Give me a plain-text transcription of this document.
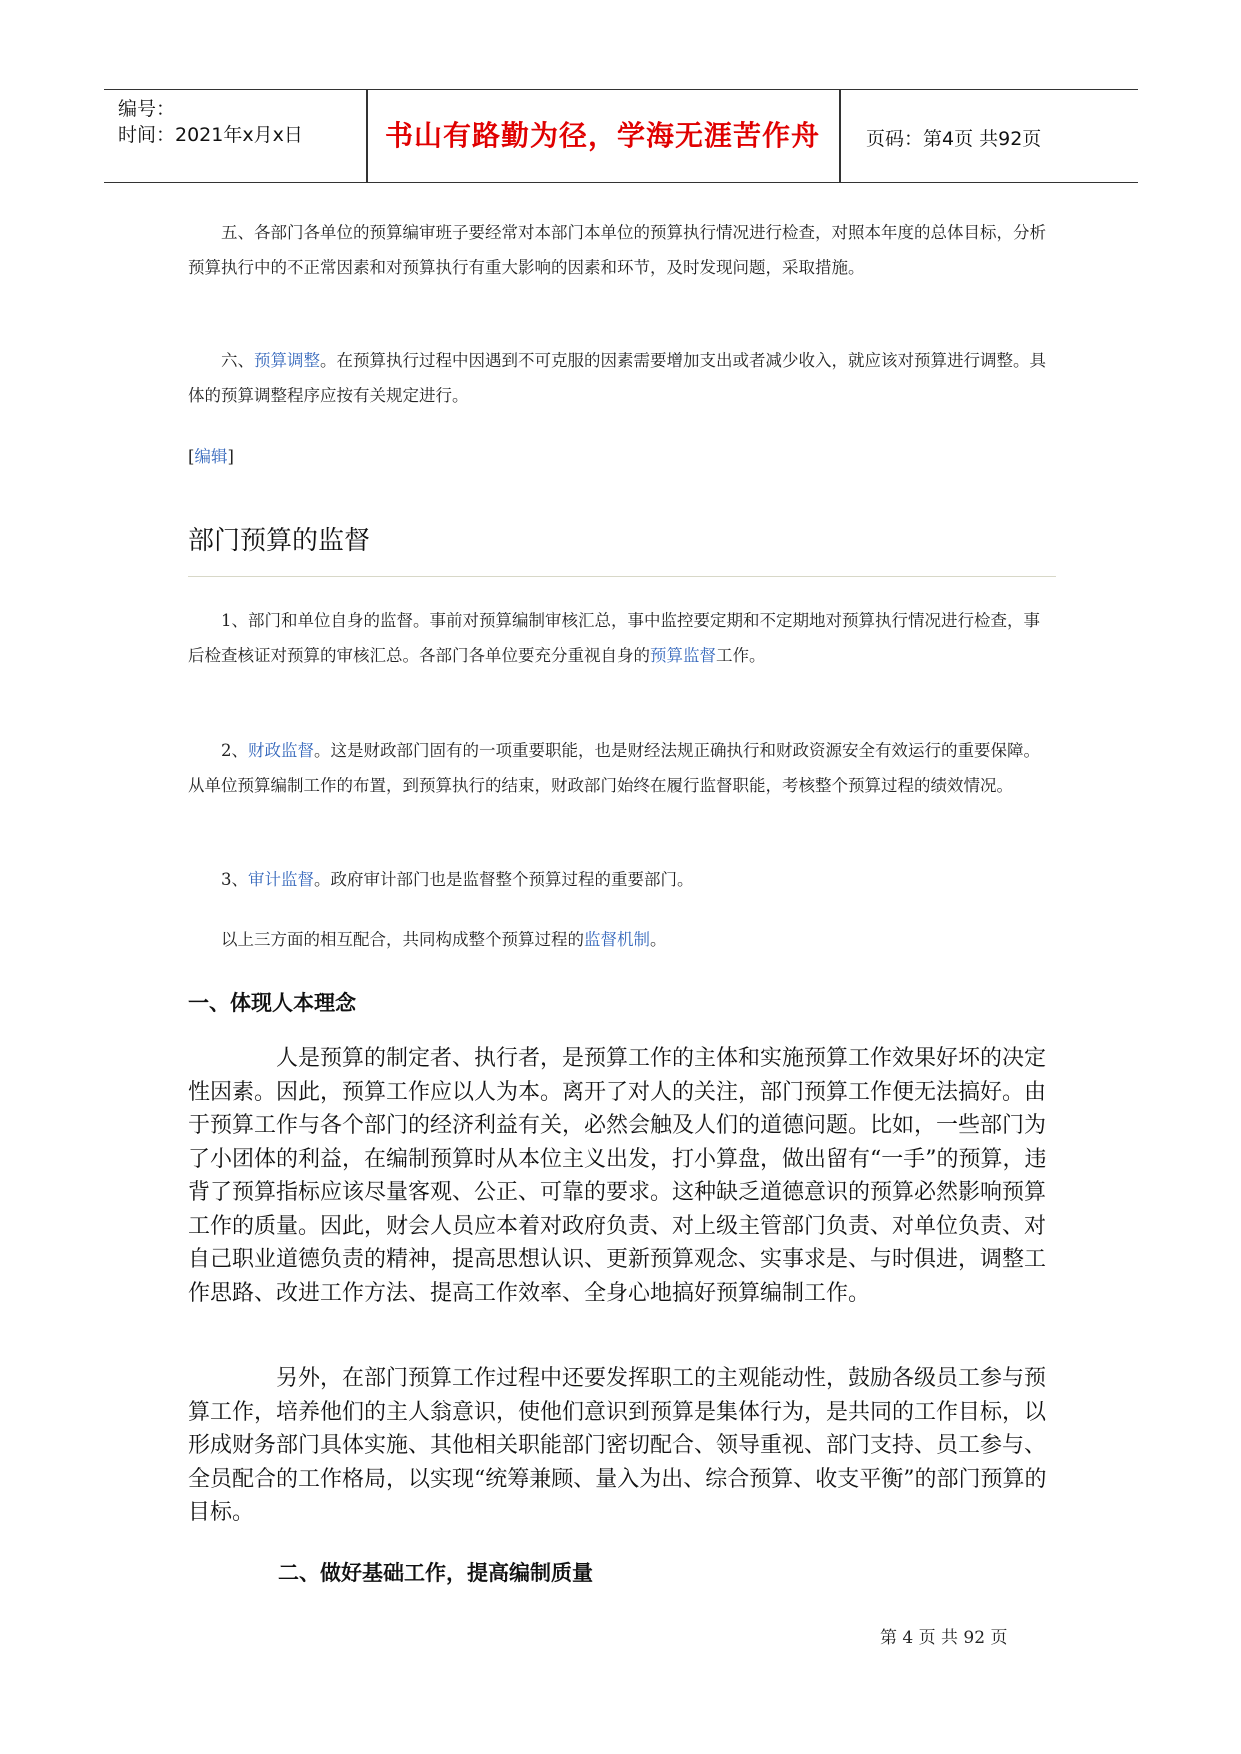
编号：
时间：2021年x月x日	书山有路勤为径，学海无涯苦作舟	页码：第4页 共92页

五、各部门各单位的预算编审班子要经常对本部门本单位的预算执行情况进行检查，对照本年度的总体目标，分析预算执行中的不正常因素和对预算执行有重大影响的因素和环节，及时发现问题，采取措施。

六、预算调整。在预算执行过程中因遇到不可克服的因素需要增加支出或者减少收入，就应该对预算进行调整。具体的预算调整程序应按有关规定进行。

[编辑]
部门预算的监督

1、部门和单位自身的监督。事前对预算编制审核汇总，事中监控要定期和不定期地对预算执行情况进行检查，事后检查核证对预算的审核汇总。各部门各单位要充分重视自身的预算监督工作。

2、财政监督。这是财政部门固有的一项重要职能，也是财经法规正确执行和财政资源安全有效运行的重要保障。从单位预算编制工作的布置，到预算执行的结束，财政部门始终在履行监督职能，考核整个预算过程的绩效情况。

3、审计监督。政府审计部门也是监督整个预算过程的重要部门。

以上三方面的相互配合，共同构成整个预算过程的监督机制。

一、体现人本理念

人是预算的制定者、执行者，是预算工作的主体和实施预算工作效果好坏的决定性因素。因此，预算工作应以人为本。离开了对人的关注，部门预算工作便无法搞好。由于预算工作与各个部门的经济利益有关，必然会触及人们的道德问题。比如，一些部门为了小团体的利益，在编制预算时从本位主义出发，打小算盘，做出留有“一手”的预算，违背了预算指标应该尽量客观、公正、可靠的要求。这种缺乏道德意识的预算必然影响预算工作的质量。因此，财会人员应本着对政府负责、对上级主管部门负责、对单位负责、对自己职业道德负责的精神，提高思想认识、更新预算观念、实事求是、与时俱进，调整工作思路、改进工作方法、提高工作效率、全身心地搞好预算编制工作。

另外，在部门预算工作过程中还要发挥职工的主观能动性，鼓励各级员工参与预算工作，培养他们的主人翁意识，使他们意识到预算是集体行为，是共同的工作目标，以形成财务部门具体实施、其他相关职能部门密切配合、领导重视、部门支持、员工参与、全员配合的工作格局，以实现“统筹兼顾、量入为出、综合预算、收支平衡”的部门预算的目标。

二、做好基础工作，提高编制质量
第 4 页 共 92 页
